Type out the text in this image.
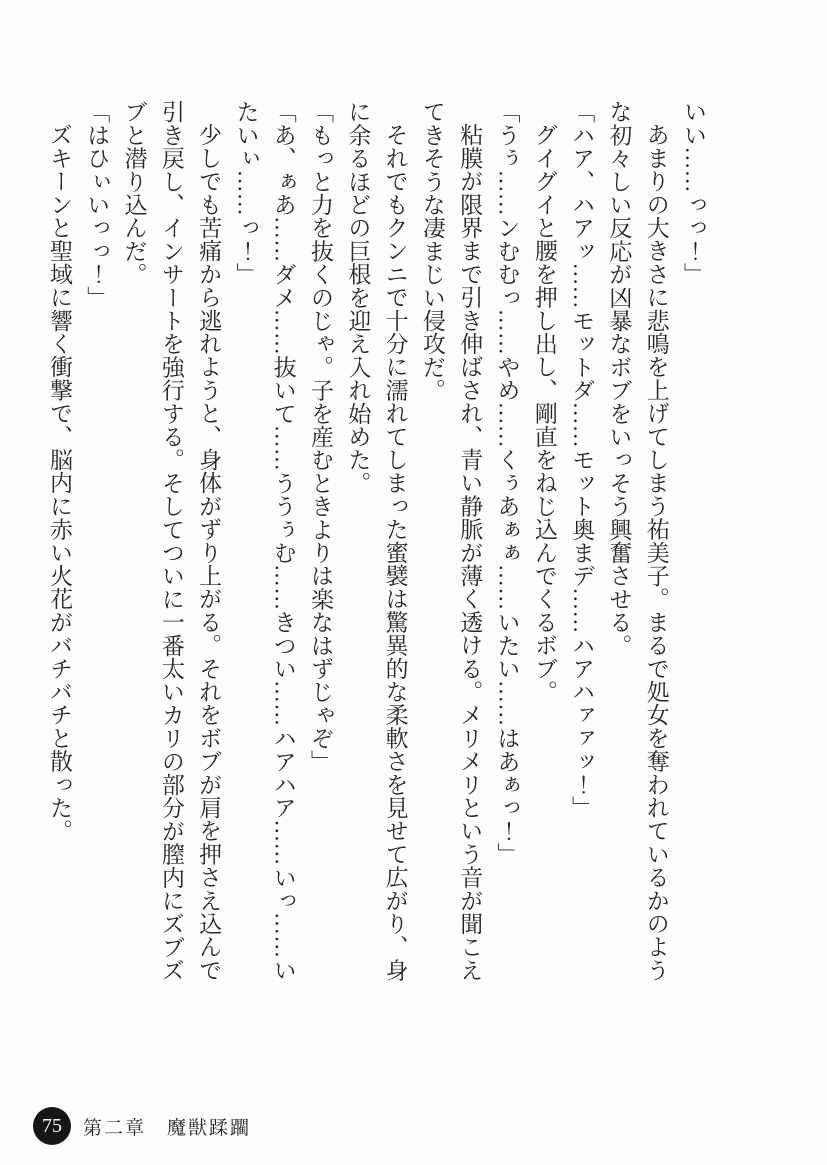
いい……っっ！」
あまりの大きさに悲鳴を上げてしまう祐美子。まるで処女を奪われているかのよう
な初々しい反応が凶暴なボブをいっそう興奮させる。
「ハア、ハアッ……モットダ……モット奥まデ……ハアハァァッ！」
グイグイと腰を押し出し、剛直をねじ込んでくるボブ。
「うぅ……ンむむっ……やめ……くぅあぁぁ……いたい……はあぁっ！」
粘膜が限界まで引き伸ばされ、青い静脈が薄く透ける。メリメリという音が聞こえ
てきそうな凄まじい侵攻だ。
それでもクンニで十分に濡れてしまった蜜襞は驚異的な柔軟さを見せて広がり、身
に余るほどの巨根を迎え入れ始めた。
「もっと力を抜くのじゃ。子を産むときよりは楽なはずじゃぞ」
「あ、ぁあ……ダメ……抜いて……ううぅむ……きつい……ハアハア……いっ……い
たいぃ……っ！」
少しでも苦痛から逃れようと、身体がずり上がる。それをボブが肩を押さえ込んで
引き戻し、インサートを強行する。そしてついに一番太いカリの部分が膣内にズブズ
ブと潜り込んだ。
「はひぃいっっ！」
ズキーンと聖域に響く衝撃で、脳内に赤い火花がバチバチと散った。
75 第二章　魔獣蹂躙
